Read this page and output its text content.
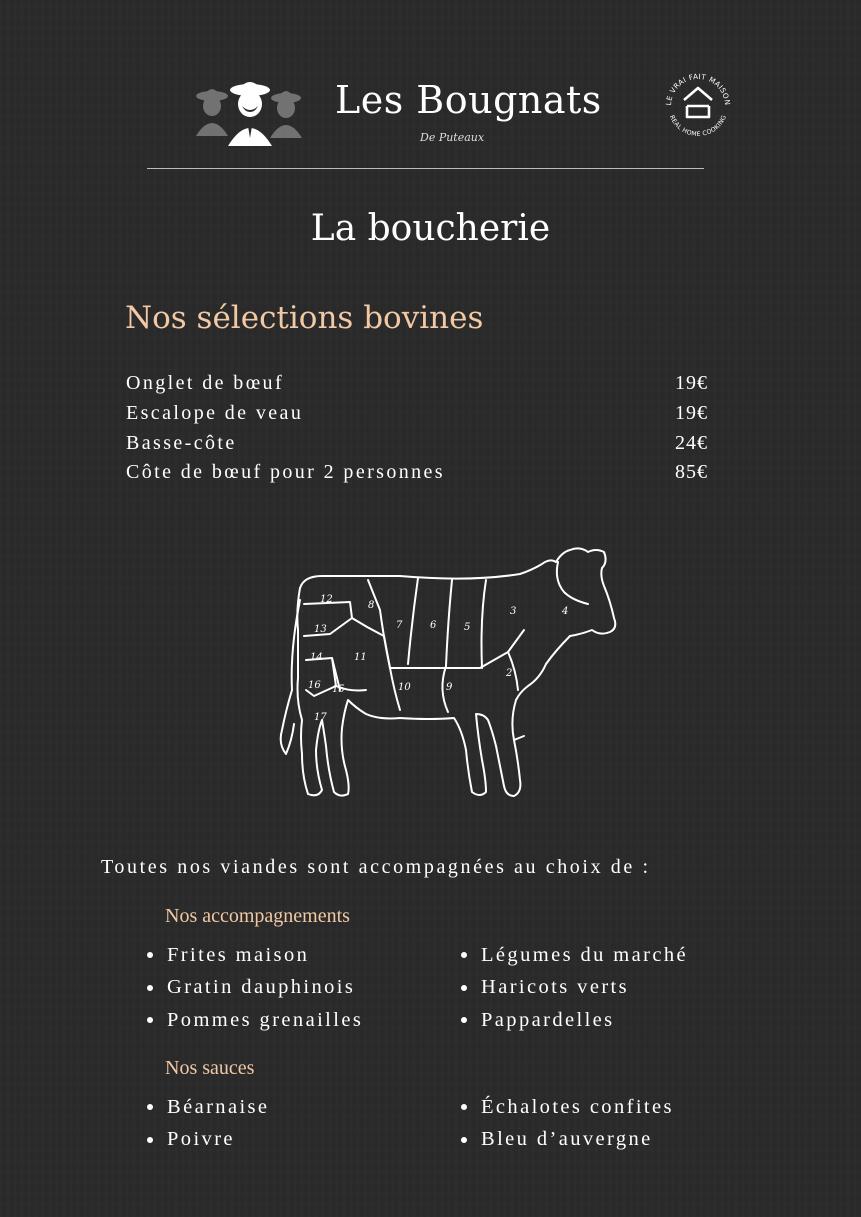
Les Bougnats
De Puteaux
LE VRAI FAIT MAISON
REAL HOME COOKING
La boucherie
Nos sélections bovines
Onglet de bœuf	19€
Escalope de veau	19€
Basse-côte	24€
Côte de bœuf pour 2 personnes	85€
2
3	4
5
6
7
8
9
10
11
12
13
14
15
16
17
Toutes nos viandes sont accompagnées au choix de :
Nos accompagnements
Frites maison
Gratin dauphinois
Pommes grenailles
Légumes du marché
Haricots verts
Pappardelles
Nos sauces
Béarnaise
Poivre
Échalotes confites
Bleu d’auvergne
